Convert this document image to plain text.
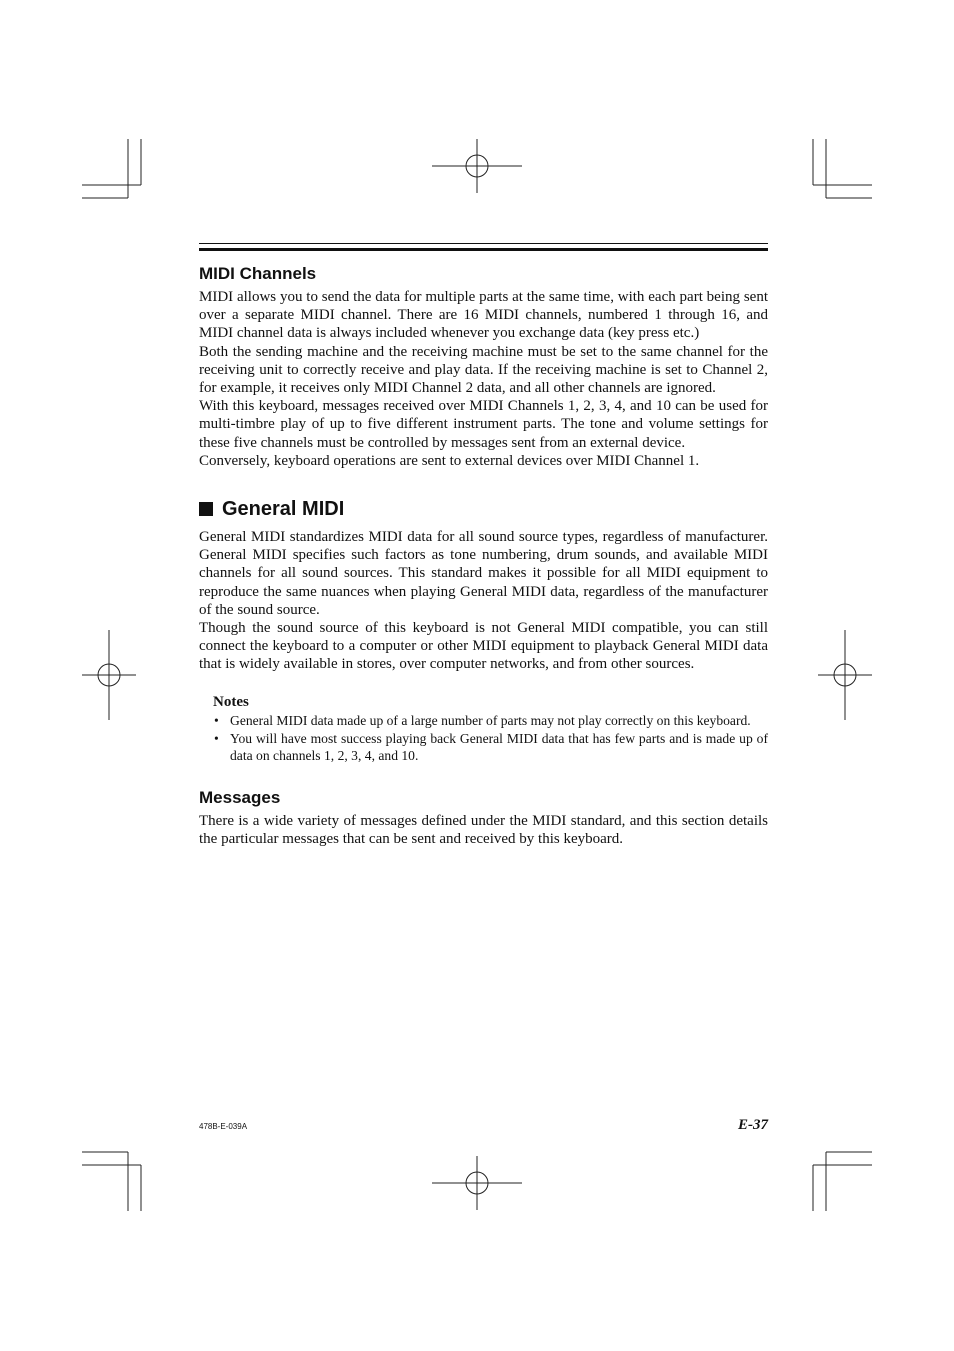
MIDI Channels

MIDI allows you to send the data for multiple parts at the same time, with each part being sent over a separate MIDI channel. There are 16 MIDI channels, numbered 1 through 16, and MIDI channel data is always included whenever you exchange data (key press etc.)

Both the sending machine and the receiving machine must be set to the same channel for the receiving unit to correctly receive and play data. If the receiving machine is set to Channel 2, for example, it receives only MIDI Channel 2 data, and all other channels are ignored.

With this keyboard, messages received over MIDI Channels 1, 2, 3, 4, and 10 can be used for multi-timbre play of up to five different instrument parts. The tone and volume settings for these five channels must be controlled by messages sent from an external device.

Conversely, keyboard operations are sent to external devices over MIDI Channel 1.

General MIDI

General MIDI standardizes MIDI data for all sound source types, regardless of manufacturer. General MIDI specifies such factors as tone numbering, drum sounds, and available MIDI channels for all sound sources. This standard makes it possible for all MIDI equipment to reproduce the same nuances when playing General MIDI data, regardless of the manufacturer of the sound source.

Though the sound source of this keyboard is not General MIDI compatible, you can still connect the keyboard to a computer or other MIDI equipment to playback General MIDI data that is widely available in stores, over computer networks, and from other sources.

Notes
• General MIDI data made up of a large number of parts may not play correctly on this keyboard.
• You will have most success playing back General MIDI data that has few parts and is made up of data on channels 1, 2, 3, 4, and 10.
Messages

There is a wide variety of messages defined under the MIDI standard, and this section details the particular messages that can be sent and received by this keyboard.

478B-E-039A	E-37
